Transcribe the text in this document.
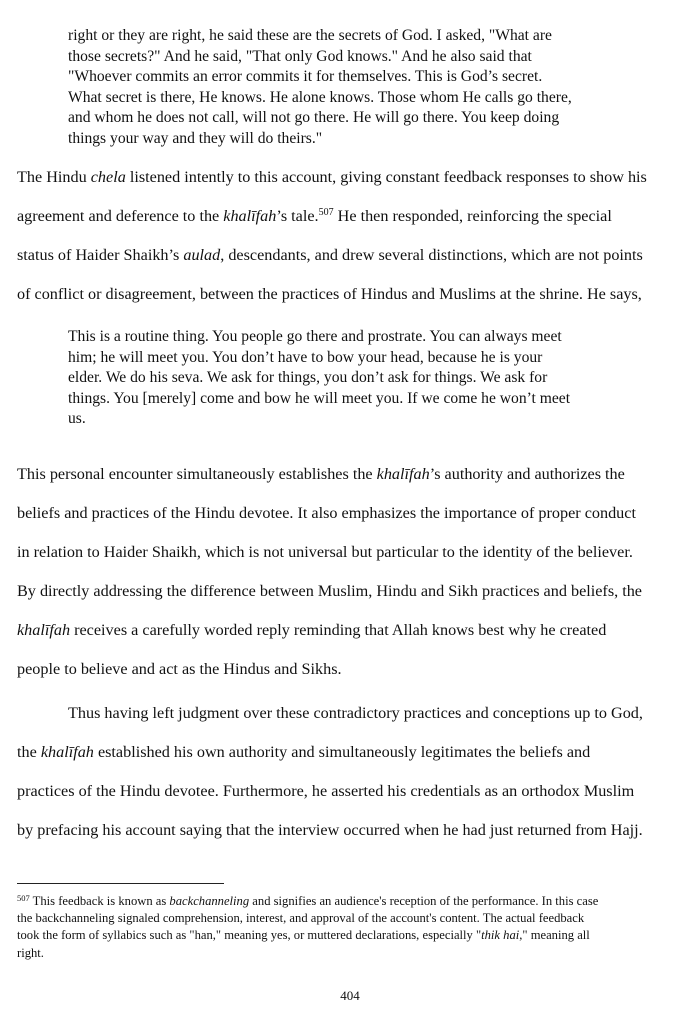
right or they are right, he said these are the secrets of God. I asked, "What are
those secrets?" And he said, "That only God knows." And he also said that
"Whoever commits an error commits it for themselves. This is God’s secret.
What secret is there, He knows. He alone knows. Those whom He calls go there,
and whom he does not call, will not go there. He will go there. You keep doing
things your way and they will do theirs."
The Hindu chela listened intently to this account, giving constant feedback responses to show his
agreement and deference to the khalīfah’s tale.$^{507}$ He then responded, reinforcing the special
status of Haider Shaikh’s aulad, descendants, and drew several distinctions, which are not points
of conflict or disagreement, between the practices of Hindus and Muslims at the shrine. He says,
This is a routine thing. You people go there and prostrate. You can always meet
him; he will meet you. You don’t have to bow your head, because he is your
elder. We do his seva. We ask for things, you don’t ask for things. We ask for
things. You [merely] come and bow he will meet you. If we come he won’t meet
us.
This personal encounter simultaneously establishes the khalīfah’s authority and authorizes the
beliefs and practices of the Hindu devotee. It also emphasizes the importance of proper conduct
in relation to Haider Shaikh, which is not universal but particular to the identity of the believer.
By directly addressing the difference between Muslim, Hindu and Sikh practices and beliefs, the
khalīfah receives a carefully worded reply reminding that Allah knows best why he created
people to believe and act as the Hindus and Sikhs.
Thus having left judgment over these contradictory practices and conceptions up to God,
the khalīfah established his own authority and simultaneously legitimates the beliefs and
practices of the Hindu devotee. Furthermore, he asserted his credentials as an orthodox Muslim
by prefacing his account saying that the interview occurred when he had just returned from Hajj.
$^{507}$ This feedback is known as backchanneling and signifies an audience's reception of the performance. In this case
the backchanneling signaled comprehension, interest, and approval of the account's content. The actual feedback
took the form of syllabics such as "han," meaning yes, or muttered declarations, especially "thik hai," meaning all
right.
404
